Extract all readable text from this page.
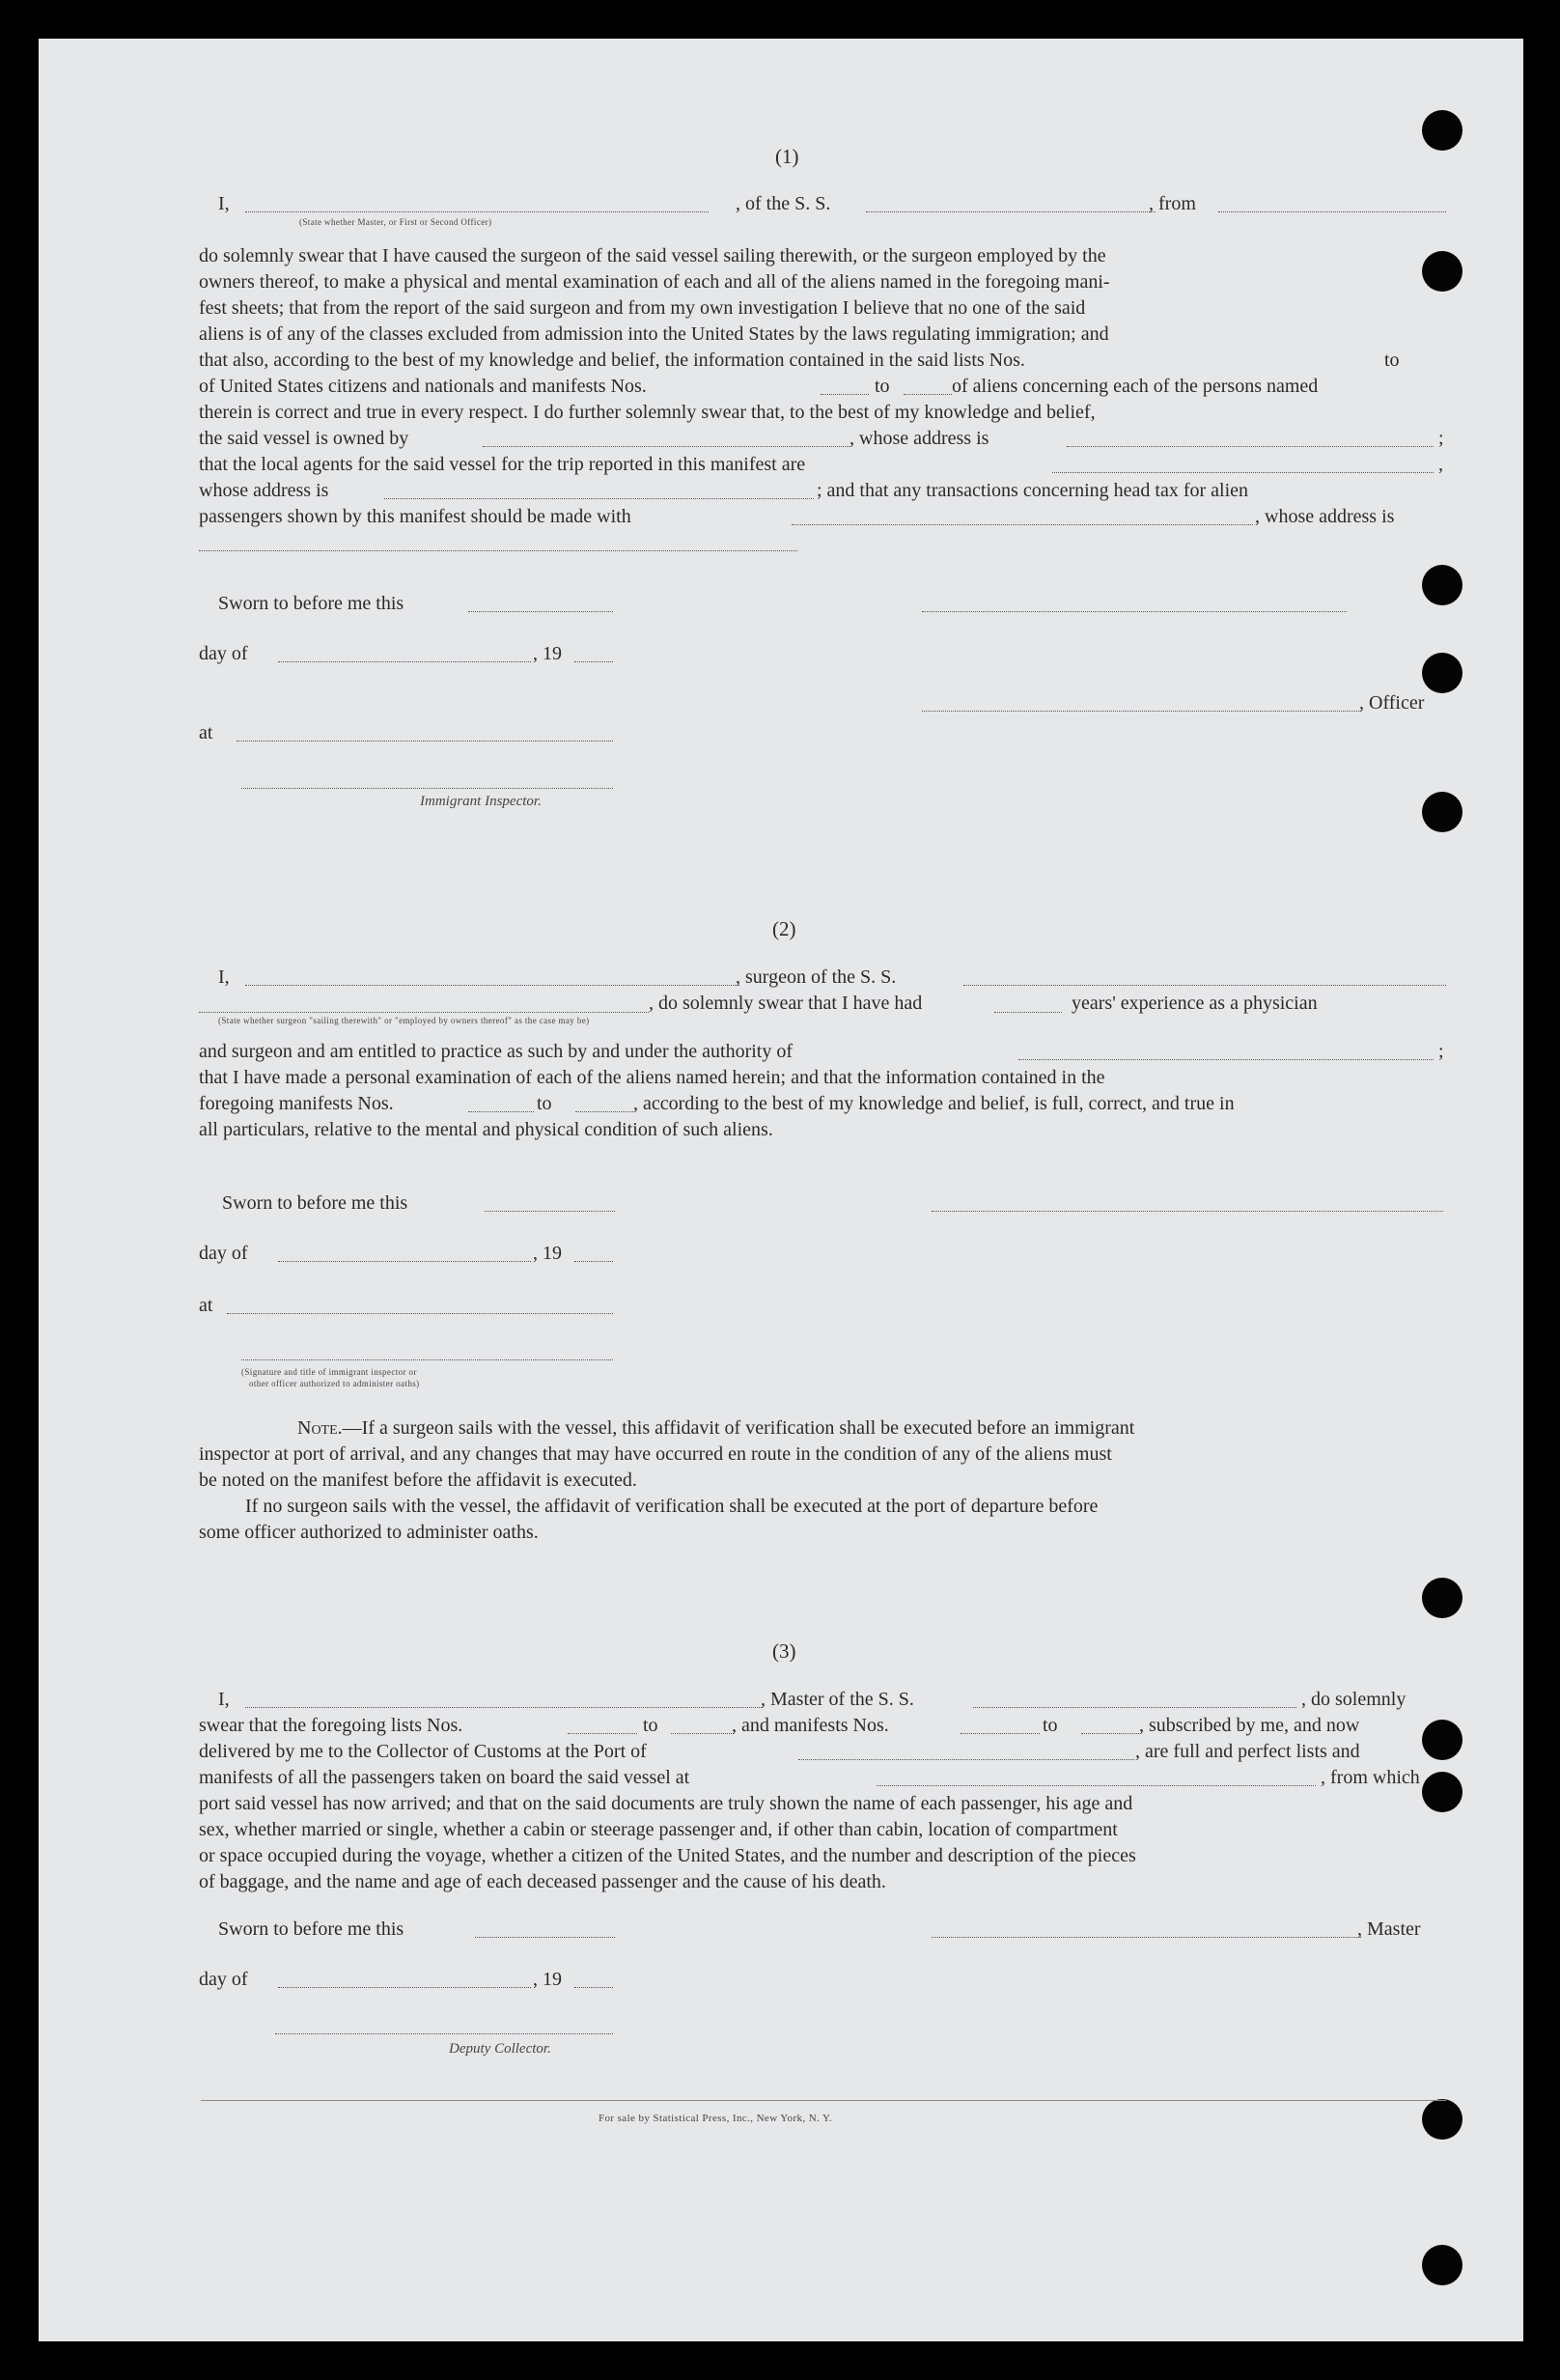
(1)
I,	, of the S. S.	, from
(State whether Master, or First or Second Officer)
do solemnly swear that I have caused the surgeon of the said vessel sailing therewith, or the surgeon employed by the
owners thereof, to make a physical and mental examination of each and all of the aliens named in the foregoing mani-
fest sheets; that from the report of the said surgeon and from my own investigation I believe that no one of the said
aliens is of any of the classes excluded from admission into the United States by the laws regulating immigration; and
that also, according to the best of my knowledge and belief, the information contained in the said lists Nos.	to
of United States citizens and nationals and manifests Nos.	to	of aliens concerning each of the persons named
therein is correct and true in every respect. I do further solemnly swear that, to the best of my knowledge and belief,
the said vessel is owned by	, whose address is	;
that the local agents for the said vessel for the trip reported in this manifest are	,
whose address is	; and that any transactions concerning head tax for alien
passengers shown by this manifest should be made with	, whose address is
Sworn to before me this
day of	, 19
, Officer
at
Immigrant Inspector.
(2)
I,	, surgeon of the S. S.
, do solemnly swear that I have had	years' experience as a physician
(State whether surgeon "sailing therewith" or "employed by owners thereof" as the case may be)
and surgeon and am entitled to practice as such by and under the authority of	;
that I have made a personal examination of each of the aliens named herein; and that the information contained in the
foregoing manifests Nos.	to	, according to the best of my knowledge and belief, is full, correct, and true in
all particulars, relative to the mental and physical condition of such aliens.
Sworn to before me this
day of	, 19
at
(Signature and title of immigrant inspector or
other officer authorized to administer oaths)
Note.—If a surgeon sails with the vessel, this affidavit of verification shall be executed before an immigrant
inspector at port of arrival, and any changes that may have occurred en route in the condition of any of the aliens must
be noted on the manifest before the affidavit is executed.
If no surgeon sails with the vessel, the affidavit of verification shall be executed at the port of departure before
some officer authorized to administer oaths.
(3)
I,	, Master of the S. S.	, do solemnly
swear that the foregoing lists Nos.	to	, and manifests Nos.	to	, subscribed by me, and now
delivered by me to the Collector of Customs at the Port of	, are full and perfect lists and
manifests of all the passengers taken on board the said vessel at	, from which
port said vessel has now arrived; and that on the said documents are truly shown the name of each passenger, his age and
sex, whether married or single, whether a cabin or steerage passenger and, if other than cabin, location of compartment
or space occupied during the voyage, whether a citizen of the United States, and the number and description of the pieces
of baggage, and the name and age of each deceased passenger and the cause of his death.
Sworn to before me this	, Master
day of	, 19
Deputy Collector.
For sale by Statistical Press, Inc., New York, N. Y.
